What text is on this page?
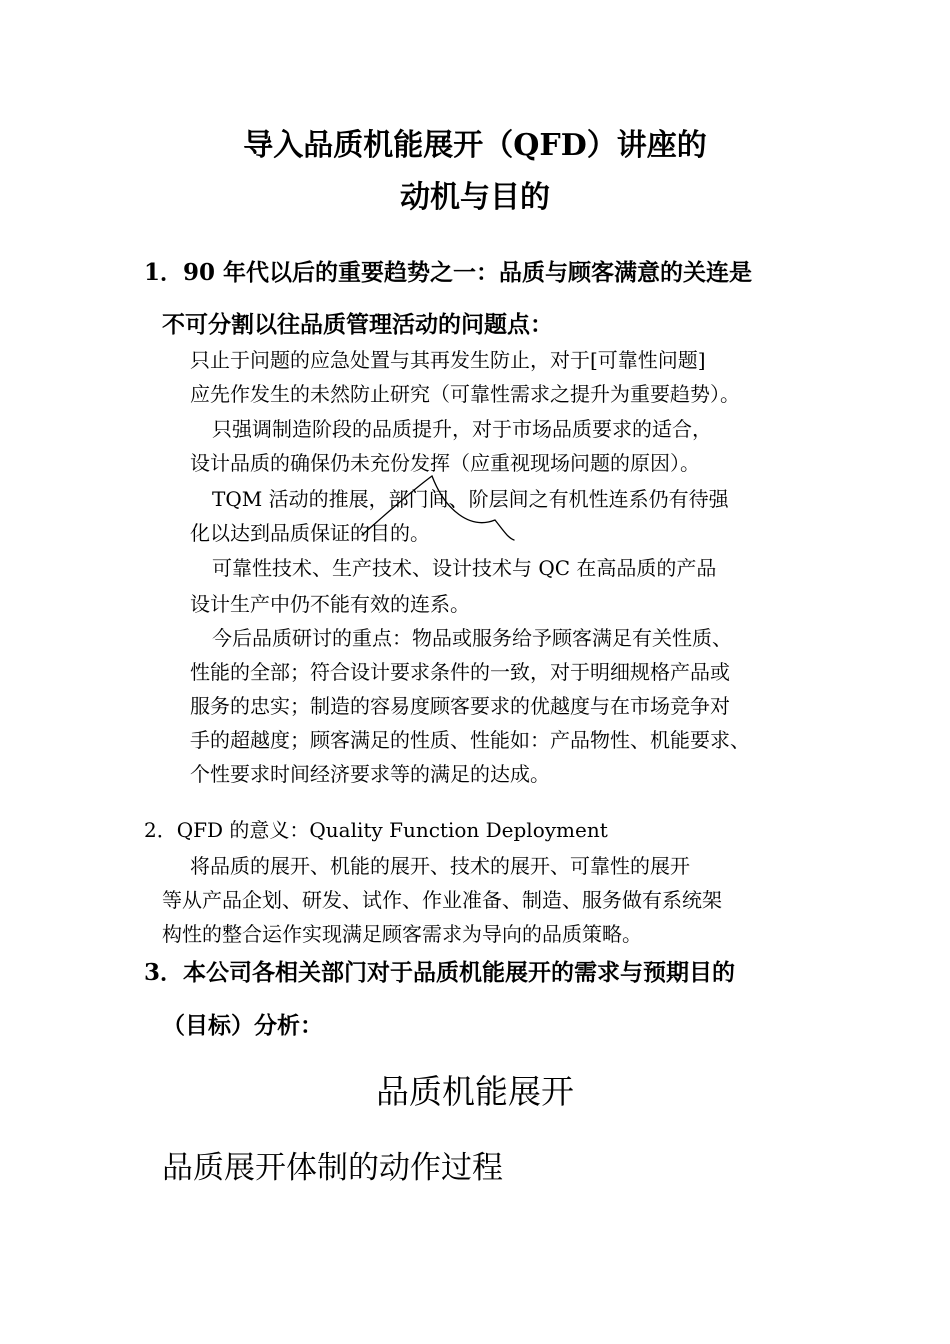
导入品质机能展开（QFD）讲座的
动机与目的
1．90 年代以后的重要趋势之一：品质与顾客满意的关连是
不可分割以往品质管理活动的问题点：
只止于问题的应急处置与其再发生防止，对于[可靠性问题]
应先作发生的未然防止研究（可靠性需求之提升为重要趋势）。
只强调制造阶段的品质提升，对于市场品质要求的适合，
设计品质的确保仍未充份发挥（应重视现场问题的原因）。
TQM 活动的推展，部门间、阶层间之有机性连系仍有待强
化以达到品质保证的目的。
可靠性技术、生产技术、设计技术与 QC 在高品质的产品
设计生产中仍不能有效的连系。
今后品质研讨的重点：物品或服务给予顾客满足有关性质、
性能的全部；符合设计要求条件的一致，对于明细规格产品或
服务的忠实；制造的容易度顾客要求的优越度与在市场竞争对
手的超越度；顾客满足的性质、性能如：产品物性、机能要求、
个性要求时间经济要求等的满足的达成。
2．QFD 的意义：Quality Function Deployment
将品质的展开、机能的展开、技术的展开、可靠性的展开
等从产品企划、研发、试作、作业准备、制造、服务做有系统架
构性的整合运作实现满足顾客需求为导向的品质策略。
3．本公司各相关部门对于品质机能展开的需求与预期目的
（目标）分析：
品质机能展开
品质展开体制的动作过程
